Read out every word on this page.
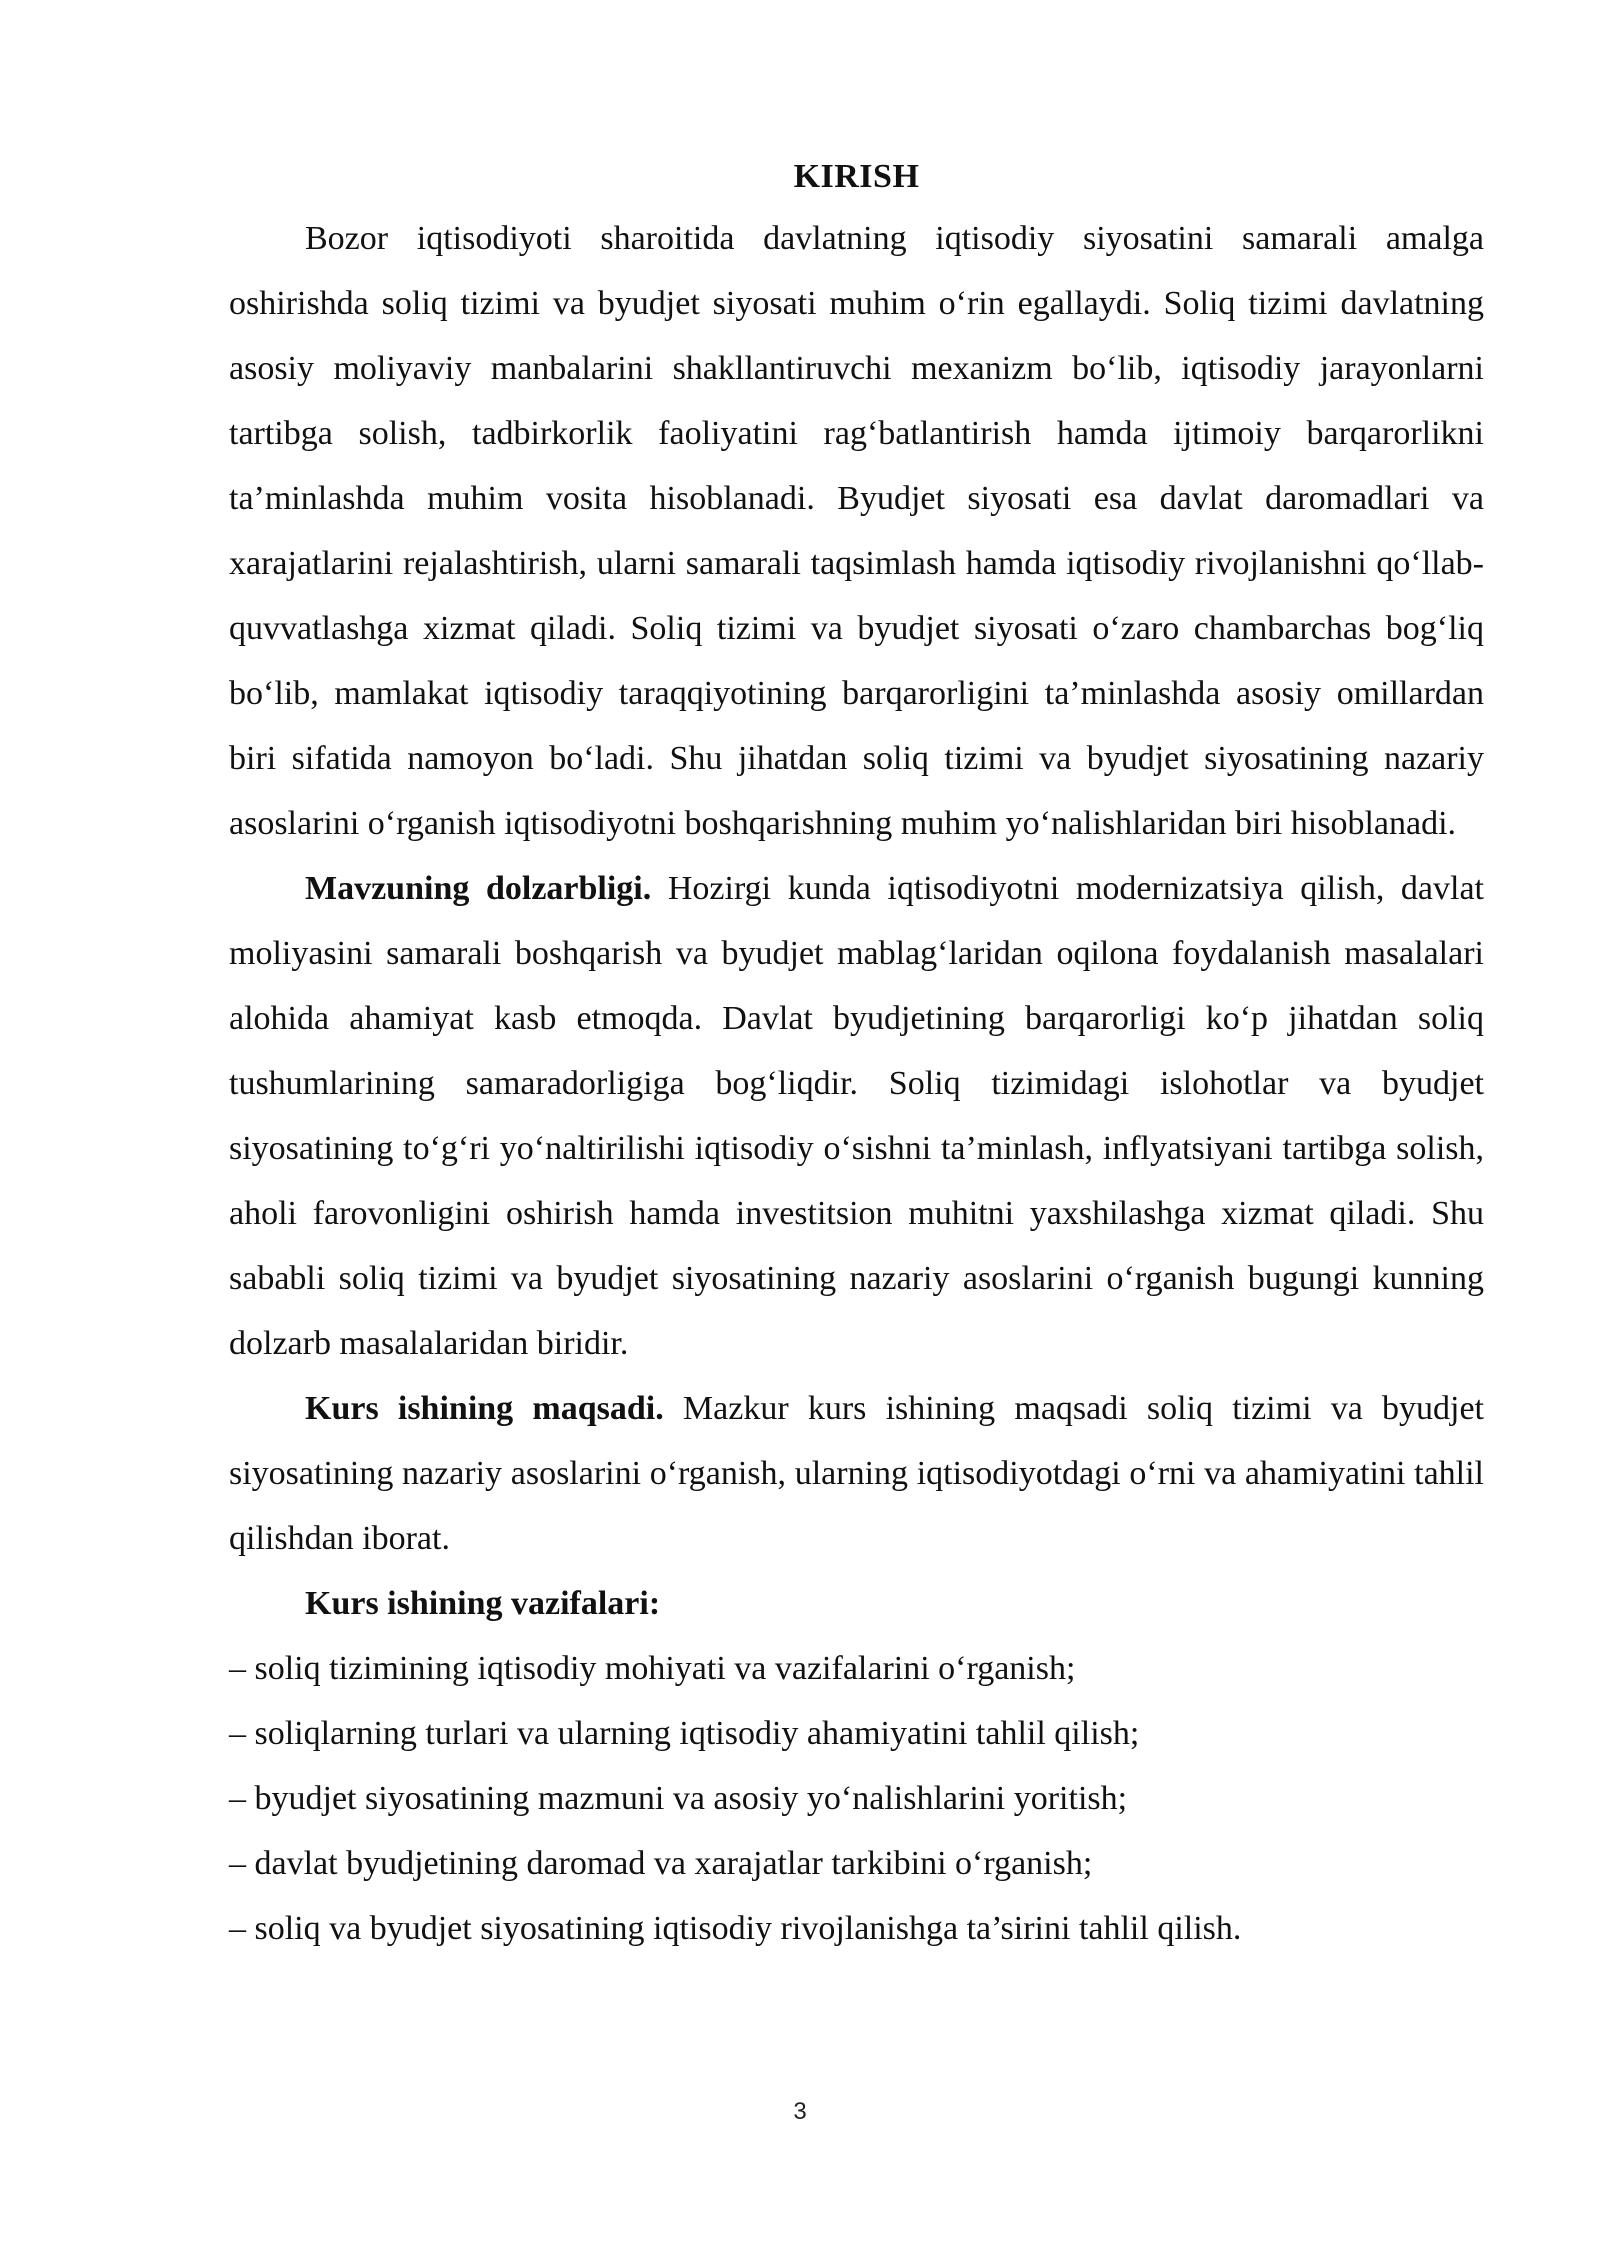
KIRISH

Bozor iqtisodiyoti sharoitida davlatning iqtisodiy siyosatini samarali amalga oshirishda soliq tizimi va byudjet siyosati muhim o‘rin egallaydi. Soliq tizimi davlatning asosiy moliyaviy manbalarini shakllantiruvchi mexanizm bo‘lib, iqtisodiy jarayonlarni tartibga solish, tadbirkorlik faoliyatini rag‘batlantirish hamda ijtimoiy barqarorlikni ta’minlashda muhim vosita hisoblanadi. Byudjet siyosati esa davlat daromadlari va xarajatlarini rejalashtirish, ularni samarali taqsimlash hamda iqtisodiy rivojlanishni qo‘llab-quvvatlashga xizmat qiladi. Soliq tizimi va byudjet siyosati o‘zaro chambarchas bog‘liq bo‘lib, mamlakat iqtisodiy taraqqiyotining barqarorligini ta’minlashda asosiy omillardan biri sifatida namoyon bo‘ladi. Shu jihatdan soliq tizimi va byudjet siyosatining nazariy asoslarini o‘rganish iqtisodiyotni boshqarishning muhim yo‘nalishlaridan biri hisoblanadi.

Mavzuning dolzarbligi. Hozirgi kunda iqtisodiyotni modernizatsiya qilish, davlat moliyasini samarali boshqarish va byudjet mablag‘laridan oqilona foydalanish masalalari alohida ahamiyat kasb etmoqda. Davlat byudjetining barqarorligi ko‘p jihatdan soliq tushumlarining samaradorligiga bog‘liqdir. Soliq tizimidagi islohotlar va byudjet siyosatining to‘g‘ri yo‘naltirilishi iqtisodiy o‘sishni ta’minlash, inflyatsiyani tartibga solish, aholi farovonligini oshirish hamda investitsion muhitni yaxshilashga xizmat qiladi. Shu sababli soliq tizimi va byudjet siyosatining nazariy asoslarini o‘rganish bugungi kunning dolzarb masalalaridan biridir.

Kurs ishining maqsadi. Mazkur kurs ishining maqsadi soliq tizimi va byudjet siyosatining nazariy asoslarini o‘rganish, ularning iqtisodiyotdagi o‘rni va ahamiyatini tahlil qilishdan iborat.

Kurs ishining vazifalari:

– soliq tizimining iqtisodiy mohiyati va vazifalarini o‘rganish;
– soliqlarning turlari va ularning iqtisodiy ahamiyatini tahlil qilish;
– byudjet siyosatining mazmuni va asosiy yo‘nalishlarini yoritish;
– davlat byudjetining daromad va xarajatlar tarkibini o‘rganish;
– soliq va byudjet siyosatining iqtisodiy rivojlanishga ta’sirini tahlil qilish.
3
